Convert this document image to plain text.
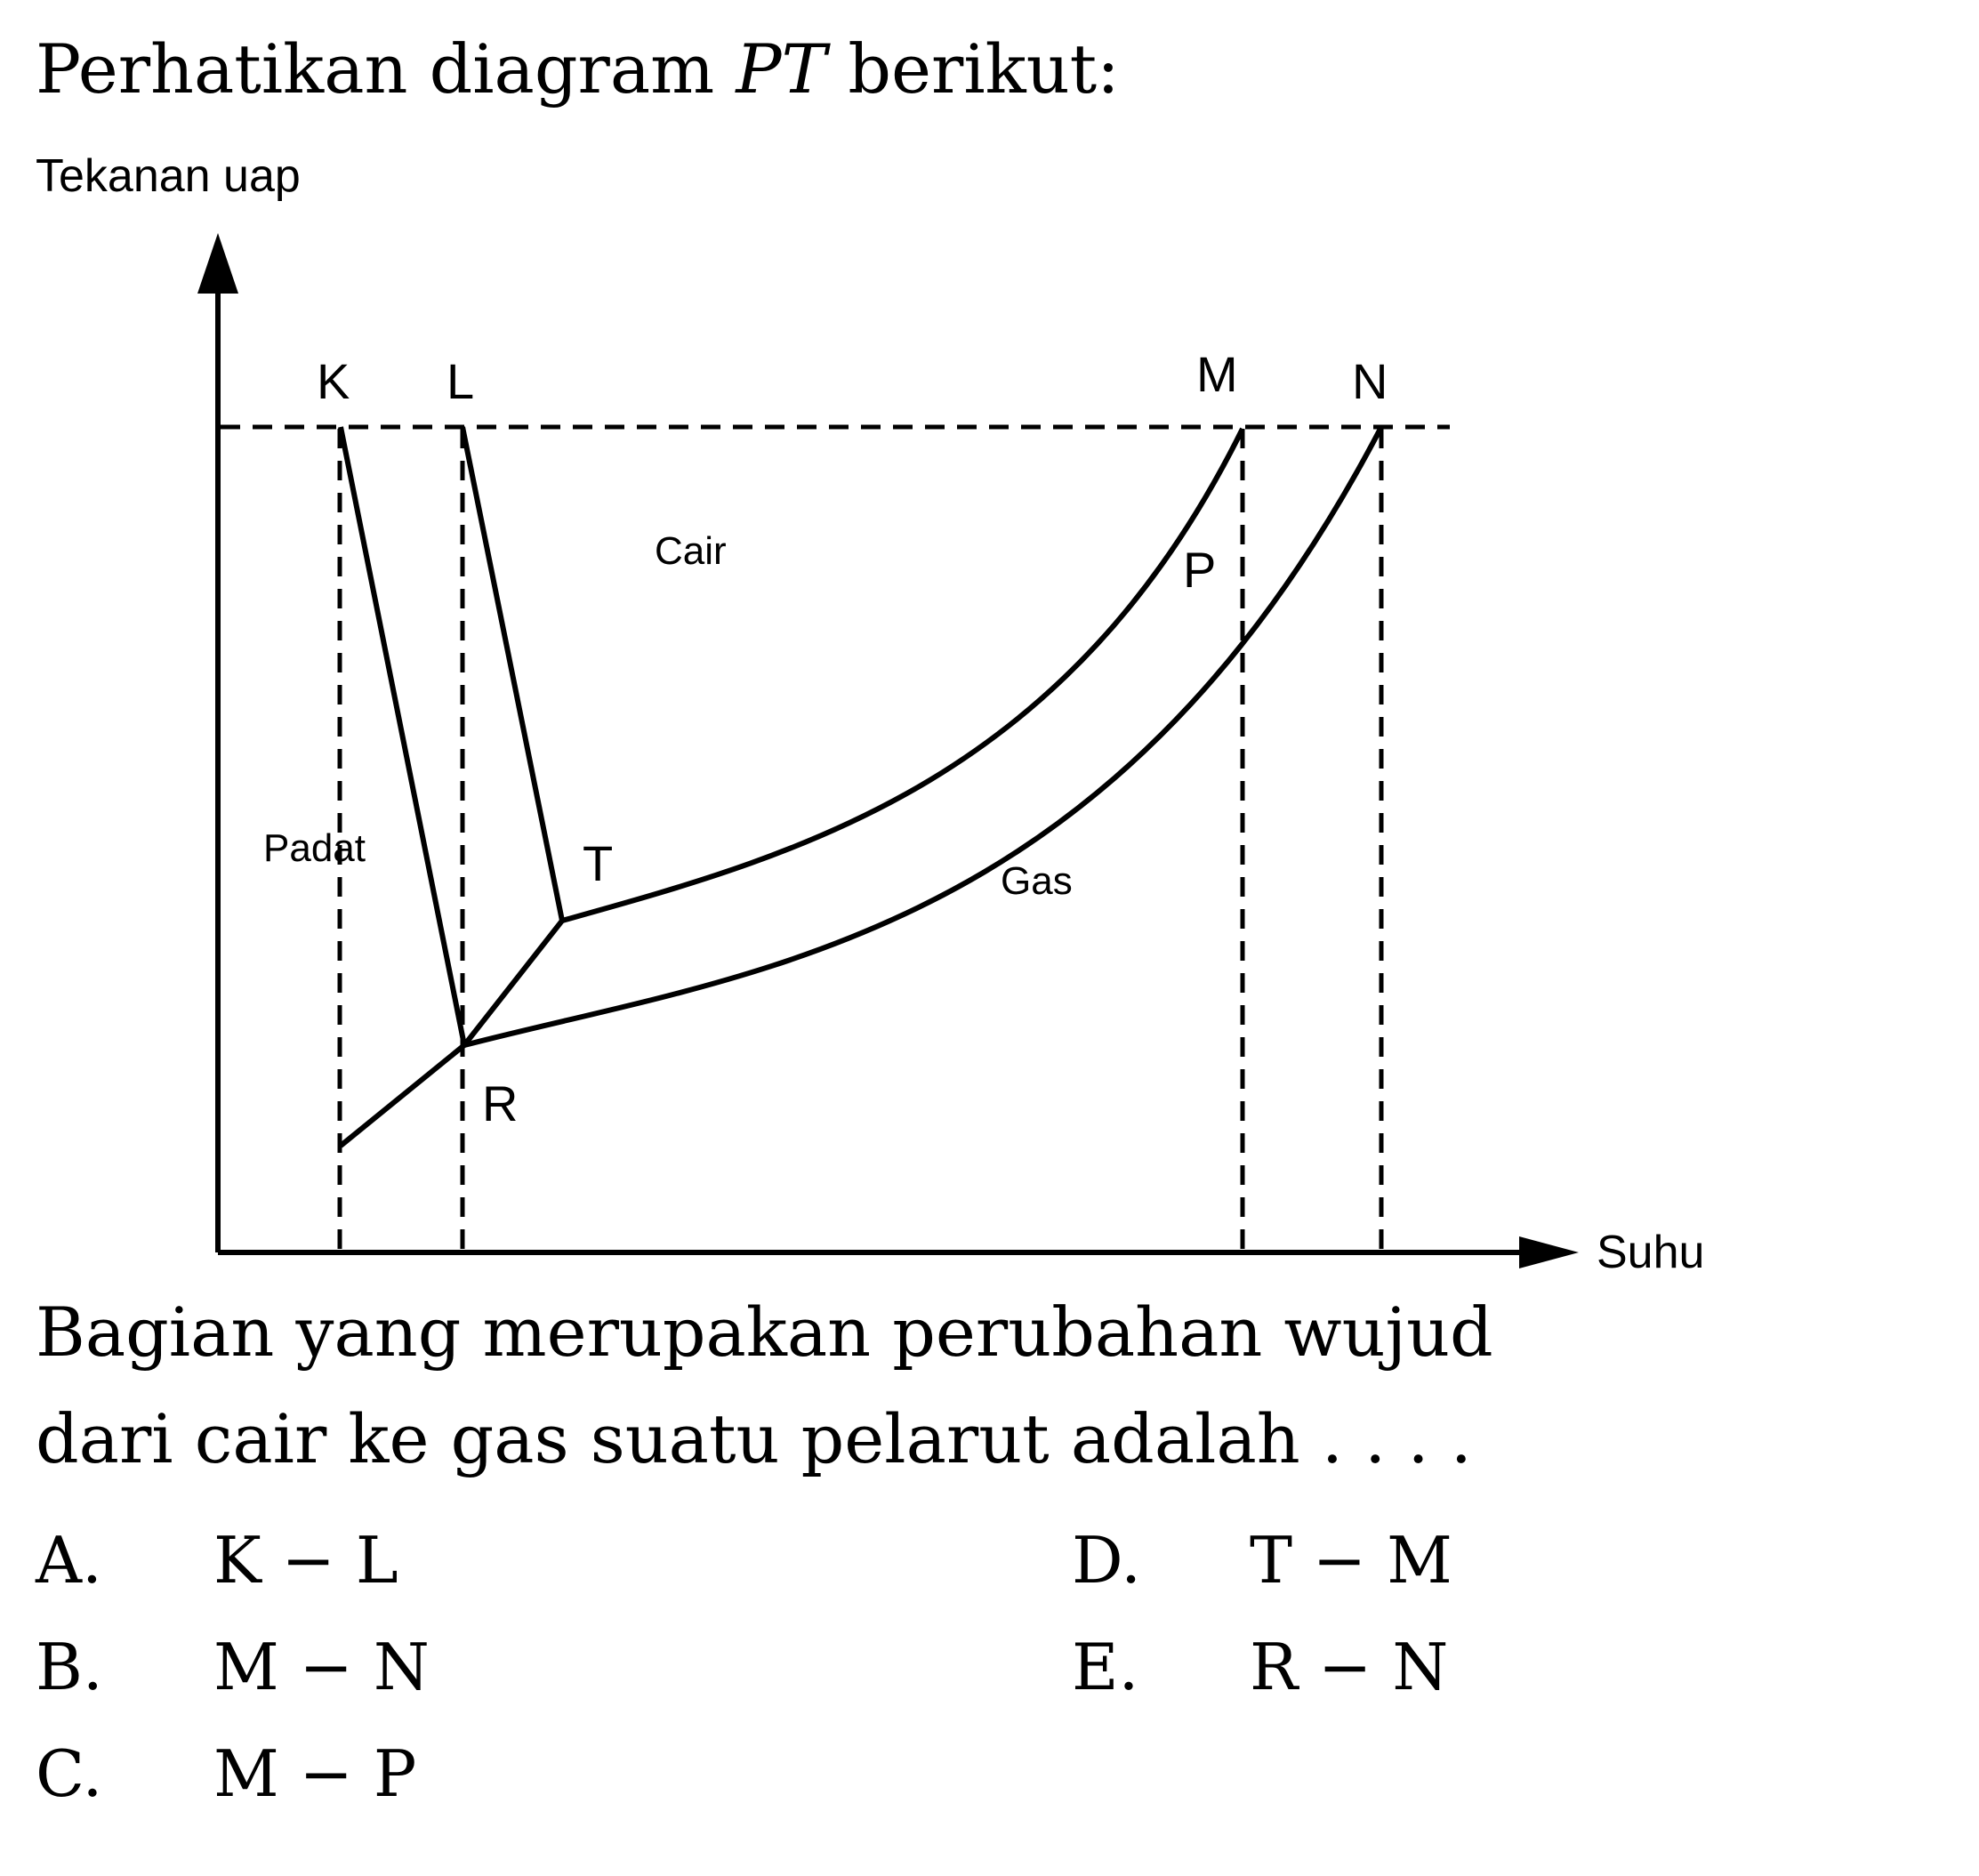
Perhatikan diagram PT berikut:
Tekanan uap
Suhu
K L	M N
P
T
R
Padat
Cair
Gas
Bagian yang merupakan perubahan wujud
dari cair ke gas suatu pelarut adalah . . . .
A. K − L
B. M − N
C. M − P
D. T − M
E. R − N
